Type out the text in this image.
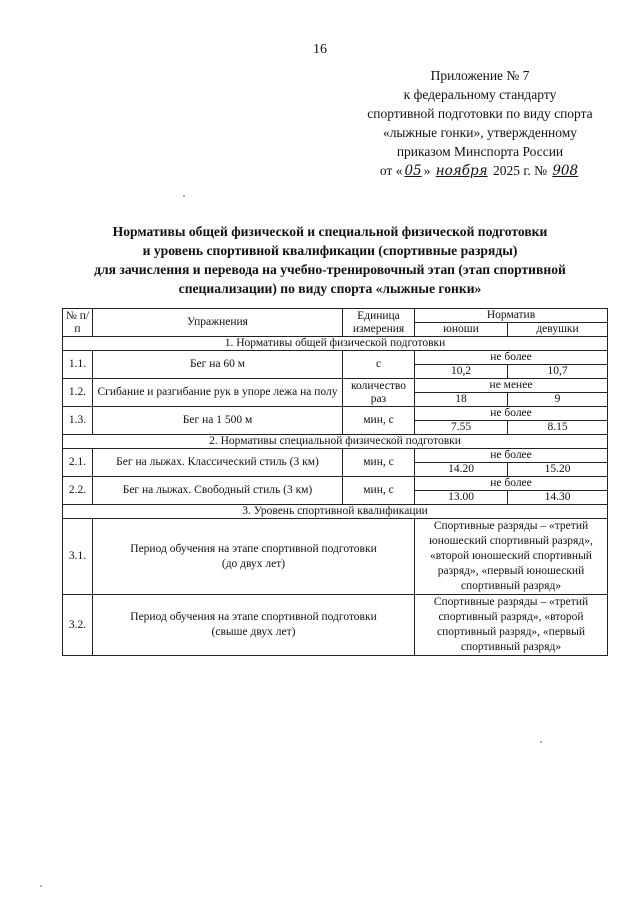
16
Приложение № 7
к федеральному стандарту
спортивной подготовки по виду спорта
«лыжные гонки», утвержденному
приказом Минспорта России
от « 05 » ноября 2025 г. № 908
Нормативы общей физической и специальной физической подготовки
и уровень спортивной квалификации (спортивные разряды)
для зачисления и перевода на учебно-тренировочный этап (этап спортивной
специализации) по виду спорта «лыжные гонки»
№ п/п	Упражнения	Единица измерения	Норматив	
			юноши	девушки
1. Нормативы общей физической подготовки				
1.1.	Бег на 60 м	с	не более	
			10,2	10,7
1.2.	Сгибание и разгибание рук в упоре лежа на полу	количество раз	не менее	
			18	9
1.3.	Бег на 1 500 м	мин, с	не более	
			7.55	8.15
2. Нормативы специальной физической подготовки				
2.1.	Бег на лыжах. Классический стиль (3 км)	мин, с	не более	
			14.20	15.20
2.2.	Бег на лыжах. Свободный стиль (3 км)	мин, с	не более	
			13.00	14.30
3. Уровень спортивной квалификации				
3.1.	Период обучения на этапе спортивной подготовки (до двух лет)		Спортивные разряды – «третий юношеский спортивный разряд», «второй юношеский спортивный разряд», «первый юношеский спортивный разряд»	
3.2.	Период обучения на этапе спортивной подготовки (свыше двух лет)		Спортивные разряды – «третий спортивный разряд», «второй спортивный разряд», «первый спортивный разряд»	
